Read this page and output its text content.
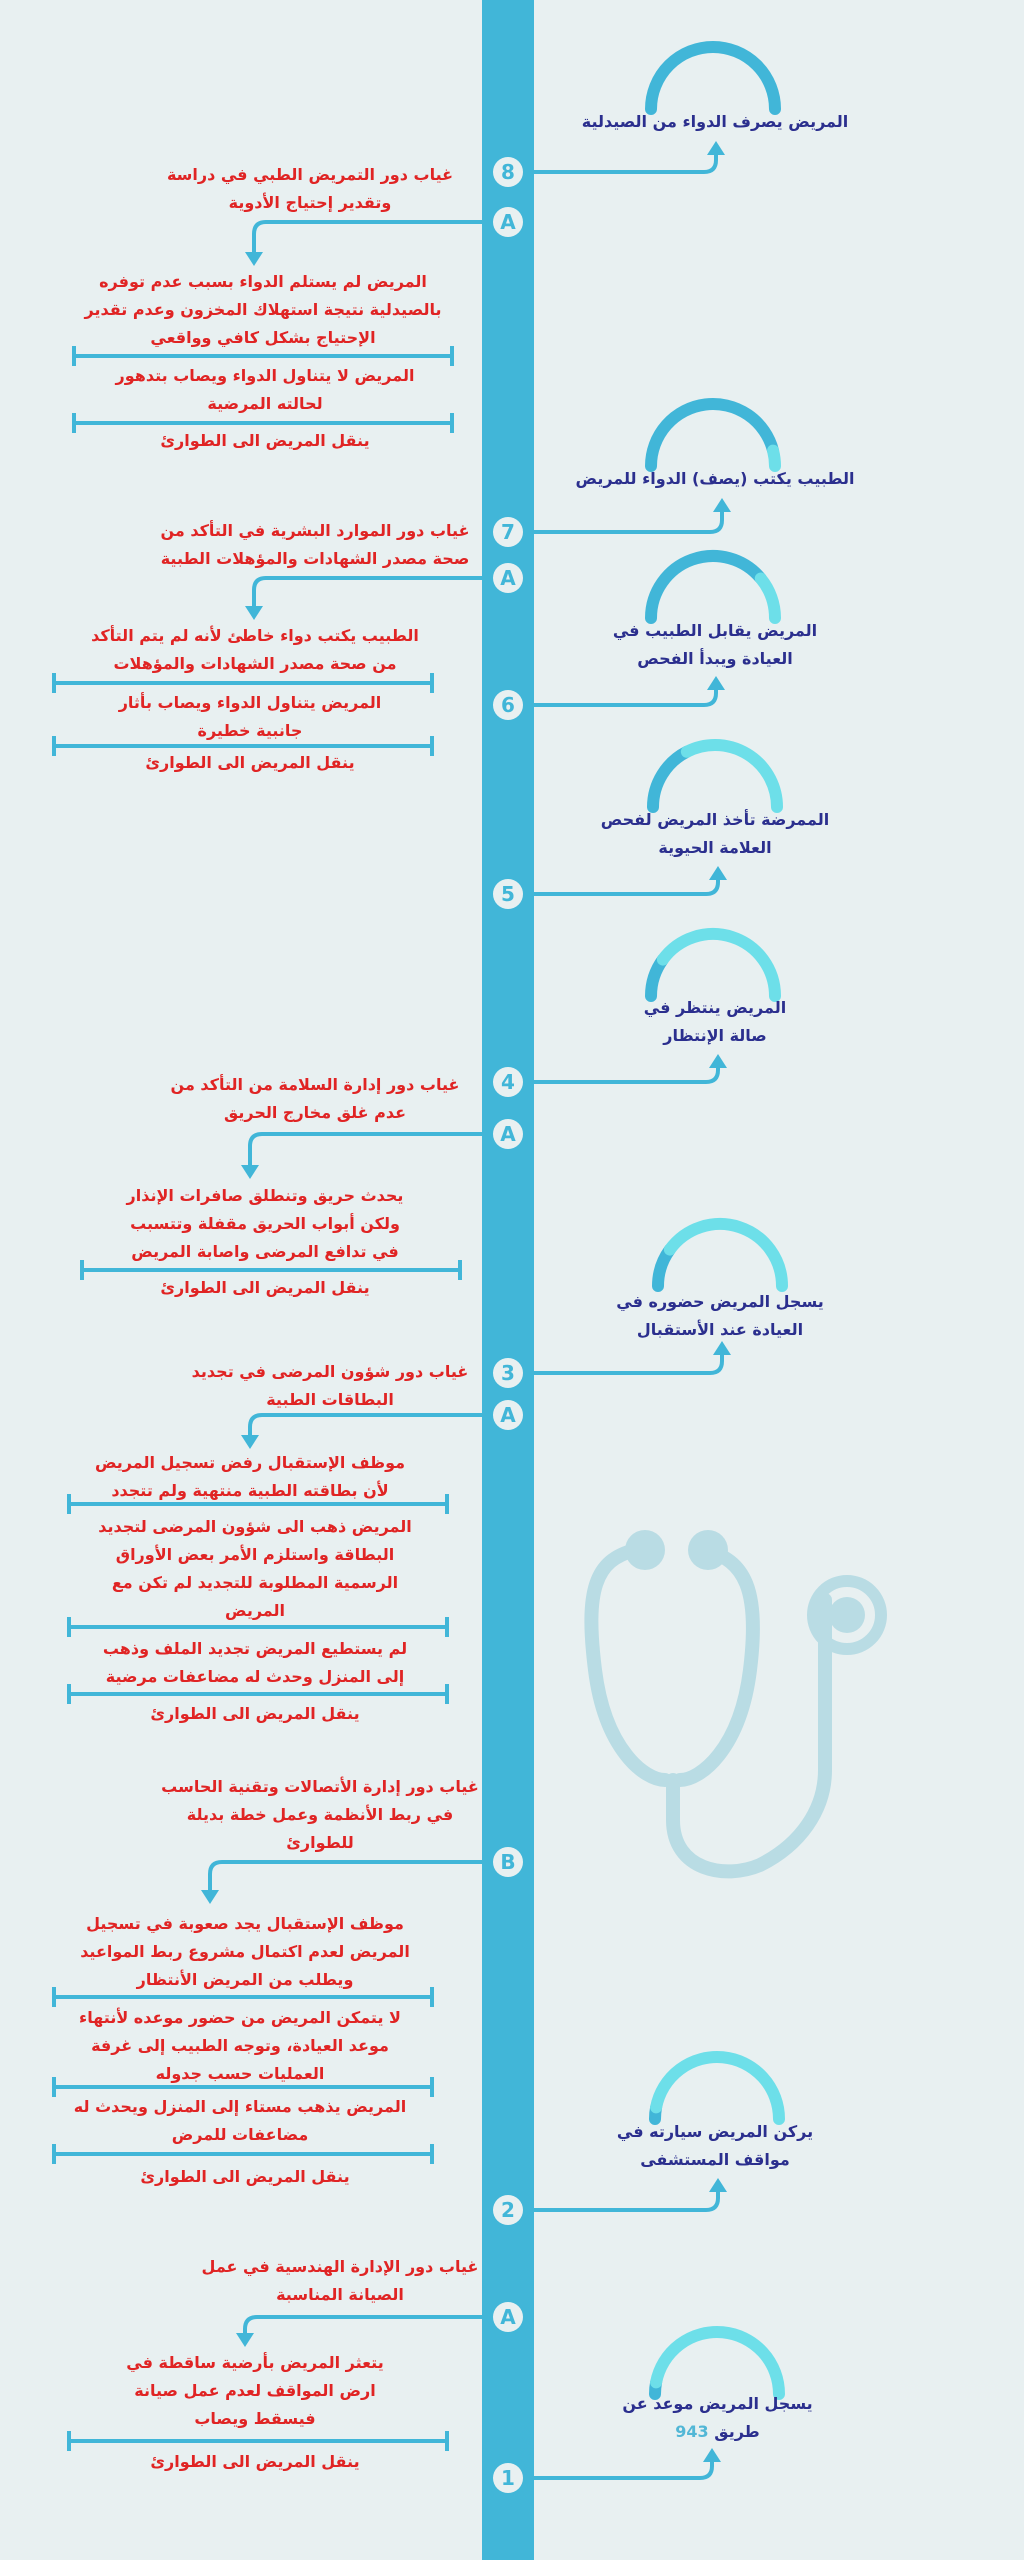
8
7
6
5
4
3
2
1
A
A
A
A
B
A
المريض يصرف الدواء من الصيدلية
الطبيب يكتب (يصف) الدواء للمريض
المريض يقابل الطبيب في العيادة ويبدأ الفحص
الممرضة تأخذ المريض لفحص العلامة الحيوية
المريض ينتظر في صالة الإنتظار
يسجل المريض حضوره في العيادة عند الأستقبال
يركن المريض سيارته في مواقف المستشفى
يسجل المريض موعد عن
طريق 943
غياب دور التمريض الطبي في دراسة وتقدير إحتياج الأدوية
المريض لم يستلم الدواء بسبب عدم توفره بالصيدلية نتيجة استهلاك المخزون وعدم تقدير الإحتياج بشكل كافي وواقعي
المريض لا يتناول الدواء ويصاب بتدهور لحالته المرضية
ينقل المريض الى الطوارئ
غياب دور الموارد البشرية في التأكد من صحة مصدر الشهادات والمؤهلات الطبية
الطبيب يكتب دواء خاطئ لأنه لم يتم التأكد من صحة مصدر الشهادات والمؤهلات
المريض يتناول الدواء ويصاب بأثار جانبية خطيرة
ينقل المريض الى الطوارئ
غياب دور إدارة السلامة من التأكد من عدم غلق مخارج الحريق
يحدث حريق وتنطلق صافرات الإنذار ولكن أبواب الحريق مقفلة وتتسبب في تدافع المرضى واصابة المريض
ينقل المريض الى الطوارئ
غياب دور شؤون المرضى في تجديد البطاقات الطبية
موظف الإستقبال رفض تسجيل المريض لأن بطاقته الطبية منتهية ولم تتجدد
المريض ذهب الى شؤون المرضى لتجديد البطاقة واستلزم الأمر بعض الأوراق الرسمية المطلوبة للتجديد لم تكن مع المريض
لم يستطيع المريض تجديد الملف وذهب إلى المنزل وحدث له مضاعفات مرضية
ينقل المريض الى الطوارئ
غياب دور إدارة الأتصالات وتقنية الحاسب في ربط الأنظمة وعمل خطة بديلة للطوارئ
موظف الإستقبال يجد صعوبة في تسجيل المريض لعدم اكتمال مشروع ربط المواعيد ويطلب من المريض الأنتظار
لا يتمكن المريض من حضور موعده لأنتهاء موعد العيادة، وتوجه الطبيب إلى غرفة العمليات حسب جدوله
المريض يذهب مستاء إلى المنزل ويحدث له مضاعفات للمرض
ينقل المريض الى الطوارئ
غياب دور الإدارة الهندسية في عمل الصيانة المناسبة
يتعثر المريض بأرضية ساقطة في ارض المواقف لعدم عمل صيانة فيسقط ويصاب
ينقل المريض الى الطوارئ
